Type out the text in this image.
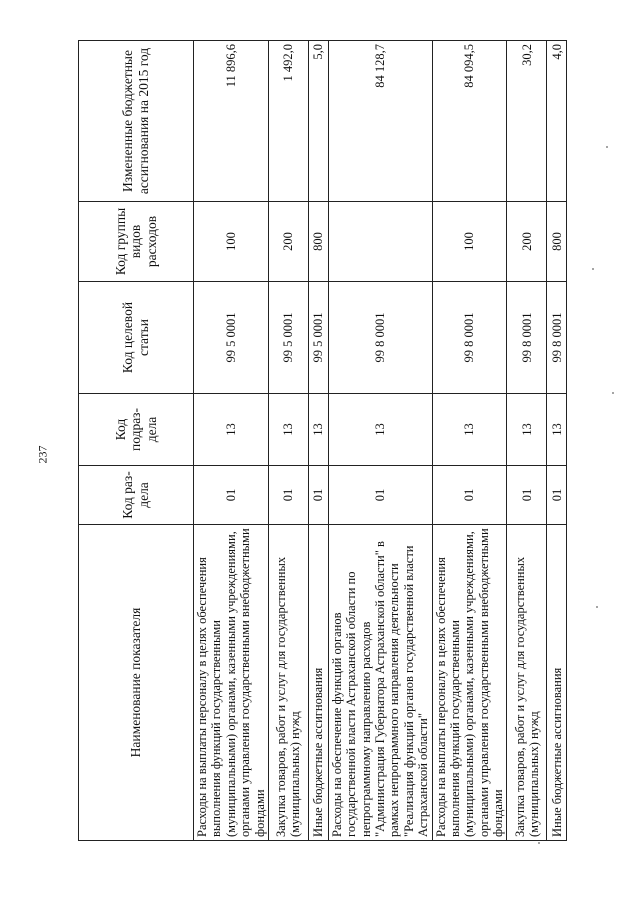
237
Наименование показателя	Код раз-дела	Код подраз-дела	Код целевой статьи	Код группы видов расходов	Измененные бюджетные ассигнования на 2015 год
Расходы на выплаты персоналу в целях обеспечения выполнения функций государственными (муниципальными) органами, казенными учреждениями, органами управления государственными внебюджетными фондами	01	13	99 5 0001	100	11 896,6
Закупка товаров, работ и услуг для государственных (муниципальных) нужд	01	13	99 5 0001	200	1 492,0
Иные бюджетные ассигнования	01	13	99 5 0001	800	5,0
Расходы на обеспечение функций органов государственной власти Астраханской области по непрограммному направлению расходов "Администрация Губернатора Астраханской области" в рамках непрограммного направления деятельности "Реализация функций органов государственной власти Астраханской области"	01	13	99 8 0001		84 128,7
Расходы на выплаты персоналу в целях обеспечения выполнения функций государственными (муниципальными) органами, казенными учреждениями, органами управления государственными внебюджетными фондами	01	13	99 8 0001	100	84 094,5
Закупка товаров, работ и услуг для государственных (муниципальных) нужд	01	13	99 8 0001	200	30,2
Иные бюджетные ассигнования	01	13	99 8 0001	800	4,0
